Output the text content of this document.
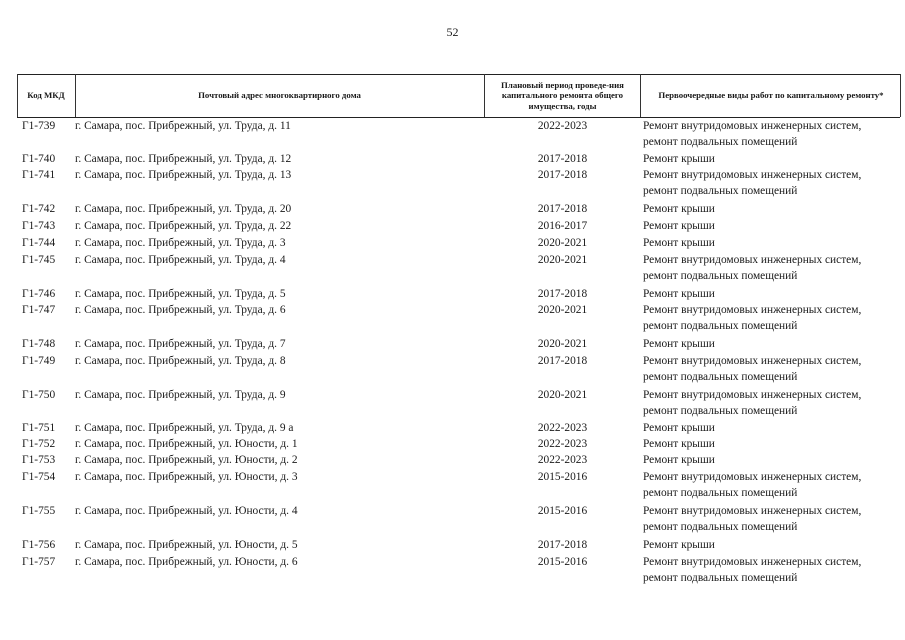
52
Код МКД	Почтовый адрес многоквартирного дома
Плановый период проведе-ния капитального ремонта общего имущества, годы
Первоочередные виды работ по капитальному ремонту*
Г1-739 г. Самара, пос. Прибрежный, ул. Труда, д. 11	2022-2023	Ремонт внутридомовых инженерных систем,
ремонт подвальных помещений
Г1-740 г. Самара, пос. Прибрежный, ул. Труда, д. 12	2017-2018	Ремонт крыши
Г1-741 г. Самара, пос. Прибрежный, ул. Труда, д. 13	2017-2018	Ремонт внутридомовых инженерных систем,
ремонт подвальных помещений
Г1-742 г. Самара, пос. Прибрежный, ул. Труда, д. 20	2017-2018	Ремонт крыши
Г1-743 г. Самара, пос. Прибрежный, ул. Труда, д. 22	2016-2017	Ремонт крыши
Г1-744 г. Самара, пос. Прибрежный, ул. Труда, д. 3	2020-2021	Ремонт крыши
Г1-745 г. Самара, пос. Прибрежный, ул. Труда, д. 4	2020-2021	Ремонт внутридомовых инженерных систем,
ремонт подвальных помещений
Г1-746 г. Самара, пос. Прибрежный, ул. Труда, д. 5	2017-2018	Ремонт крыши
Г1-747 г. Самара, пос. Прибрежный, ул. Труда, д. 6	2020-2021	Ремонт внутридомовых инженерных систем,
ремонт подвальных помещений
Г1-748 г. Самара, пос. Прибрежный, ул. Труда, д. 7	2020-2021	Ремонт крыши
Г1-749 г. Самара, пос. Прибрежный, ул. Труда, д. 8	2017-2018	Ремонт внутридомовых инженерных систем,
ремонт подвальных помещений
Г1-750 г. Самара, пос. Прибрежный, ул. Труда, д. 9	2020-2021	Ремонт внутридомовых инженерных систем,
ремонт подвальных помещений
Г1-751 г. Самара, пос. Прибрежный, ул. Труда, д. 9 а	2022-2023	Ремонт крыши
Г1-752 г. Самара, пос. Прибрежный, ул. Юности, д. 1	2022-2023	Ремонт крыши
Г1-753 г. Самара, пос. Прибрежный, ул. Юности, д. 2	2022-2023	Ремонт крыши
Г1-754 г. Самара, пос. Прибрежный, ул. Юности, д. 3	2015-2016	Ремонт внутридомовых инженерных систем,
ремонт подвальных помещений
Г1-755 г. Самара, пос. Прибрежный, ул. Юности, д. 4	2015-2016	Ремонт внутридомовых инженерных систем,
ремонт подвальных помещений
Г1-756 г. Самара, пос. Прибрежный, ул. Юности, д. 5	2017-2018	Ремонт крыши
Г1-757 г. Самара, пос. Прибрежный, ул. Юности, д. 6	2015-2016	Ремонт внутридомовых инженерных систем,
ремонт подвальных помещений
